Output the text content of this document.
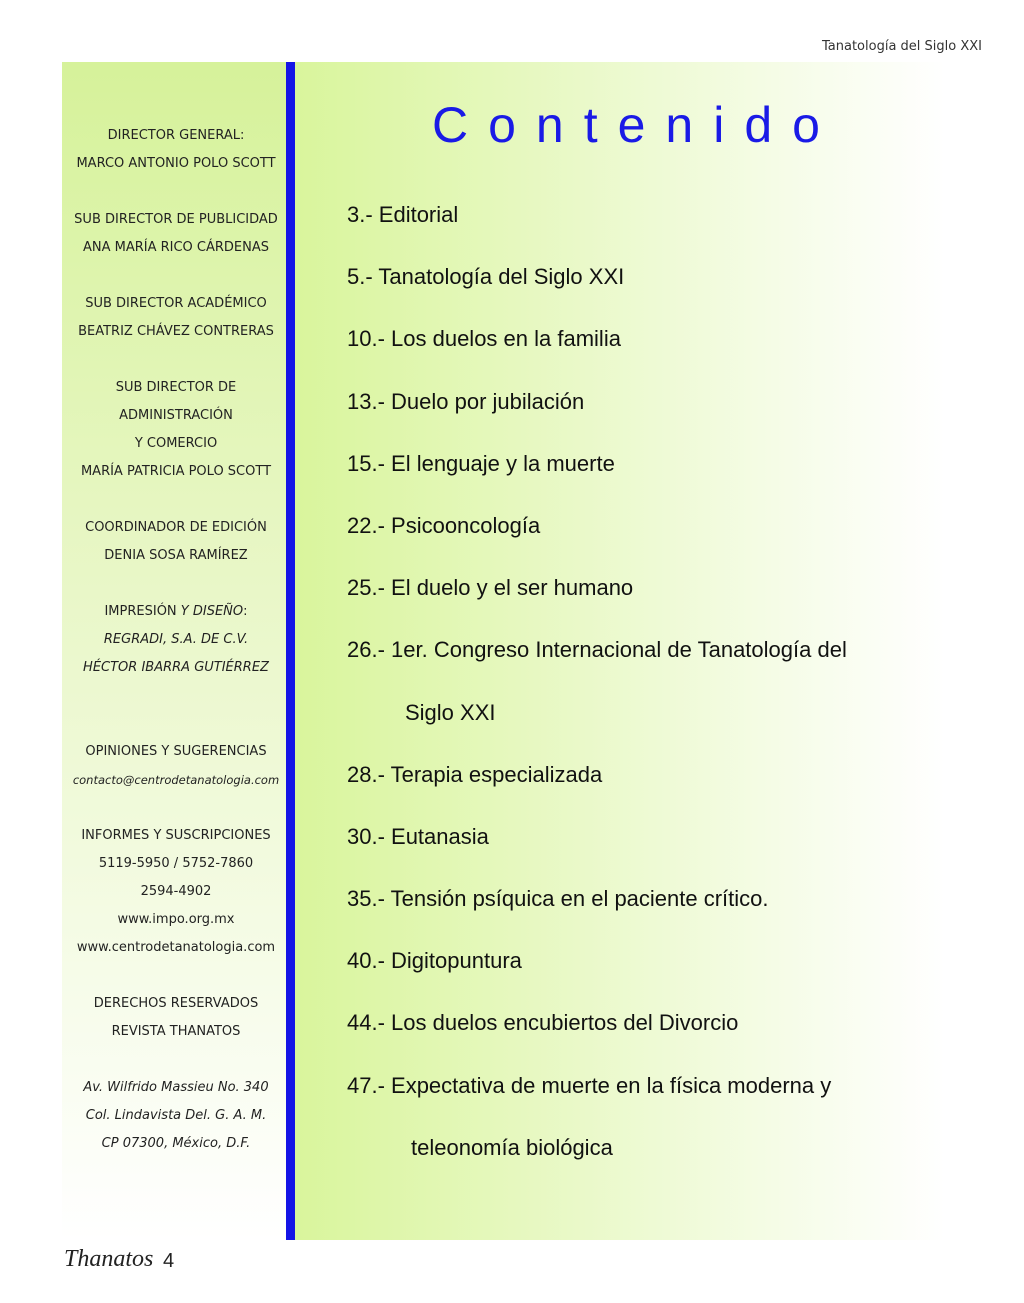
Tanatología del Siglo XXI
DIRECTOR GENERAL:
MARCO ANTONIO POLO SCOTT
SUB DIRECTOR DE PUBLICIDAD
ANA MARÍA RICO CÁRDENAS
SUB DIRECTOR ACADÉMICO
BEATRIZ CHÁVEZ CONTRERAS
SUB DIRECTOR DE
ADMINISTRACIÓN
Y COMERCIO
MARÍA PATRICIA POLO SCOTT
COORDINADOR DE EDICIÓN
DENIA SOSA RAMÍREZ
IMPRESIÓN Y DISEÑO:
REGRADI, S.A. DE C.V.
HÉCTOR IBARRA GUTIÉRREZ
OPINIONES Y SUGERENCIAS
contacto@centrodetanatologia.com
INFORMES Y SUSCRIPCIONES
5119-5950 / 5752-7860
2594-4902
www.impo.org.mx
www.centrodetanatologia.com
DERECHOS RESERVADOS
REVISTA THANATOS
Av. Wilfrido Massieu No. 340
Col. Lindavista Del. G. A. M.
CP 07300, México, D.F.
Contenido
3.- Editorial
5.- Tanatología del Siglo XXI
10.- Los duelos en la familia
13.- Duelo por jubilación
15.- El lenguaje y la muerte
22.- Psicooncología
25.- El duelo y el ser humano
26.- 1er. Congreso Internacional de Tanatología del
Siglo XXI
28.- Terapia especializada
30.- Eutanasia
35.- Tensión psíquica en el paciente crítico.
40.- Digitopuntura
44.- Los duelos encubiertos del Divorcio
47.- Expectativa de muerte en la física moderna y
teleonomía biológica
Thanatos 4
